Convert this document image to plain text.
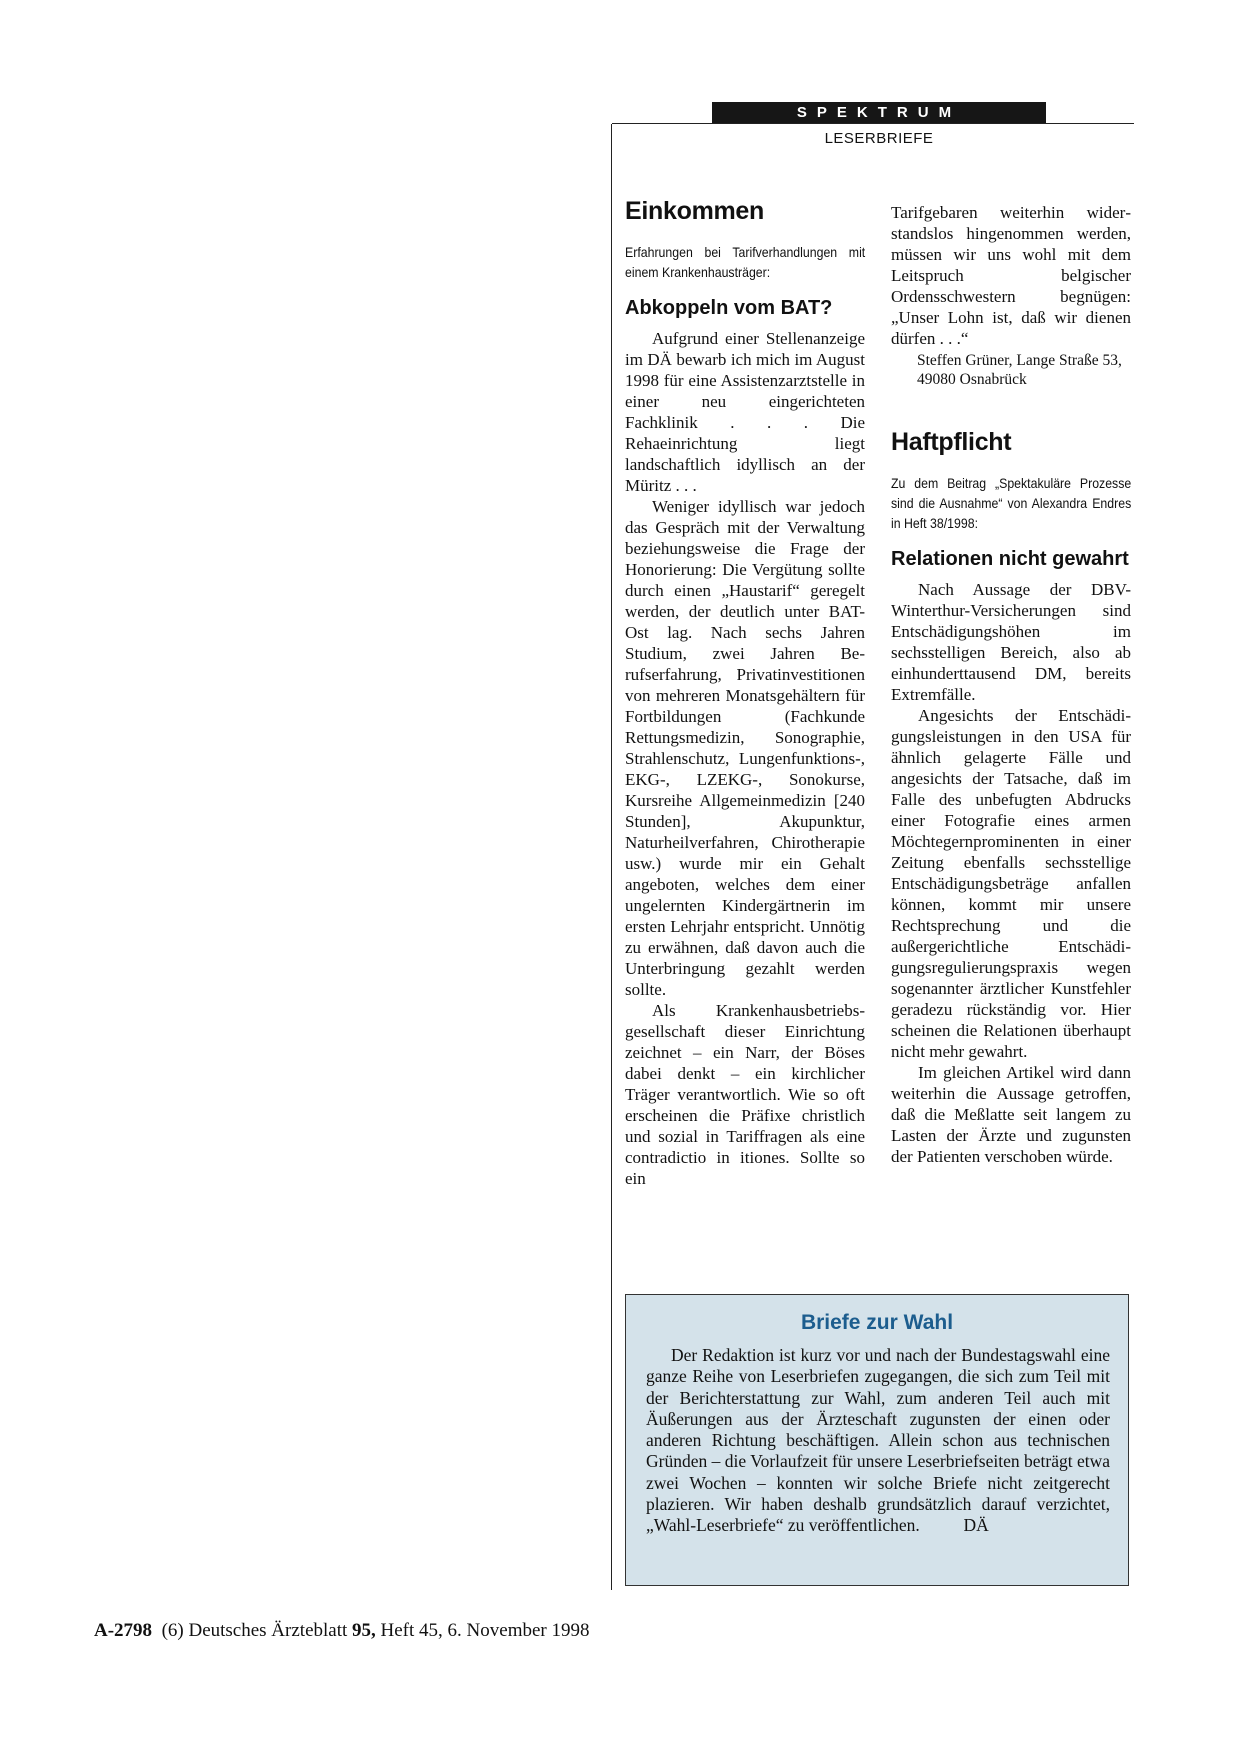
SPEKTRUM
LESERBRIEFE
Einkommen

Erfahrungen bei Tarifverhandlungen mit einem Krankenhausträger:

Abkoppeln vom BAT?

Aufgrund einer Stellenanzeige im DÄ bewarb ich mich im August 1998 für eine Assistenzarztstelle in einer neu eingerichteten Fachklinik . . . Die Rehaeinrichtung liegt landschaftlich idyllisch an der Müritz . . .

Weniger idyllisch war jedoch das Gespräch mit der Verwaltung beziehungsweise die Frage der Honorierung: Die Vergütung sollte durch einen „Haustarif“ geregelt werden, der deutlich unter BAT-Ost lag. Nach sechs Jahren Studium, zwei Jahren Berufserfahrung, Privatinvestitionen von mehreren Monatsgehältern für Fortbildungen (Fachkunde Rettungsmedizin, Sonographie, Strahlenschutz, Lungenfunktions-, EKG-, LZEKG-, Sonokurse, Kursreihe Allgemeinmedizin [240 Stunden], Akupunktur, Naturheilverfahren, Chirotherapie usw.) wurde mir ein Gehalt angeboten, welches dem einer ungelernten Kindergärtnerin im ersten Lehrjahr entspricht. Unnötig zu erwähnen, daß davon auch die Unterbringung gezahlt werden sollte.

Als Krankenhausbetriebsgesellschaft dieser Einrichtung zeichnet – ein Narr, der Böses dabei denkt – ein kirchlicher Träger verantwortlich. Wie so oft erscheinen die Präfixe christlich und sozial in Tariffragen als eine contradictio in itiones. Sollte so ein

Tarifgebaren weiterhin widerstandslos hingenommen werden, müssen wir uns wohl mit dem Leitspruch belgischer Ordensschwestern begnügen: „Unser Lohn ist, daß wir dienen dürfen . . .“

Steffen Grüner, Lange Straße 53, 49080 Osnabrück

Haftpflicht

Zu dem Beitrag „Spektakuläre Prozesse sind die Ausnahme“ von Alexandra Endres in Heft 38/1998:

Relationen nicht gewahrt

Nach Aussage der DBV-Winterthur-Versicherungen sind Entschädigungshöhen im sechsstelligen Bereich, also ab einhunderttausend DM, bereits Extremfälle.

Angesichts der Entschädigungsleistungen in den USA für ähnlich gelagerte Fälle und angesichts der Tatsache, daß im Falle des unbefugten Abdrucks einer Fotografie eines armen Möchtegernprominenten in einer Zeitung ebenfalls sechsstellige Entschädigungsbeträge anfallen können, kommt mir unsere Rechtsprechung und die außergerichtliche Entschädigungsregulierungspraxis wegen sogenannter ärztlicher Kunstfehler geradezu rückständig vor. Hier scheinen die Relationen überhaupt nicht mehr gewahrt.

Im gleichen Artikel wird dann weiterhin die Aussage getroffen, daß die Meßlatte seit langem zu Lasten der Ärzte und zugunsten der Patienten verschoben würde.

Briefe zur Wahl

Der Redaktion ist kurz vor und nach der Bundestagswahl eine ganze Reihe von Leserbriefen zugegangen, die sich zum Teil mit der Berichterstattung zur Wahl, zum anderen Teil auch mit Äußerungen aus der Ärzteschaft zugunsten der einen oder anderen Richtung beschäftigen. Allein schon aus technischen Gründen – die Vorlaufzeit für unsere Leserbriefseiten beträgt etwa zwei Wochen – konnten wir solche Briefe nicht zeitgerecht plazieren. Wir haben deshalb grundsätzlich darauf verzichtet, „Wahl-Leserbriefe“ zu veröffentlichen.	DÄ

A-2798 (6) Deutsches Ärzteblatt 95, Heft 45, 6. November 1998
